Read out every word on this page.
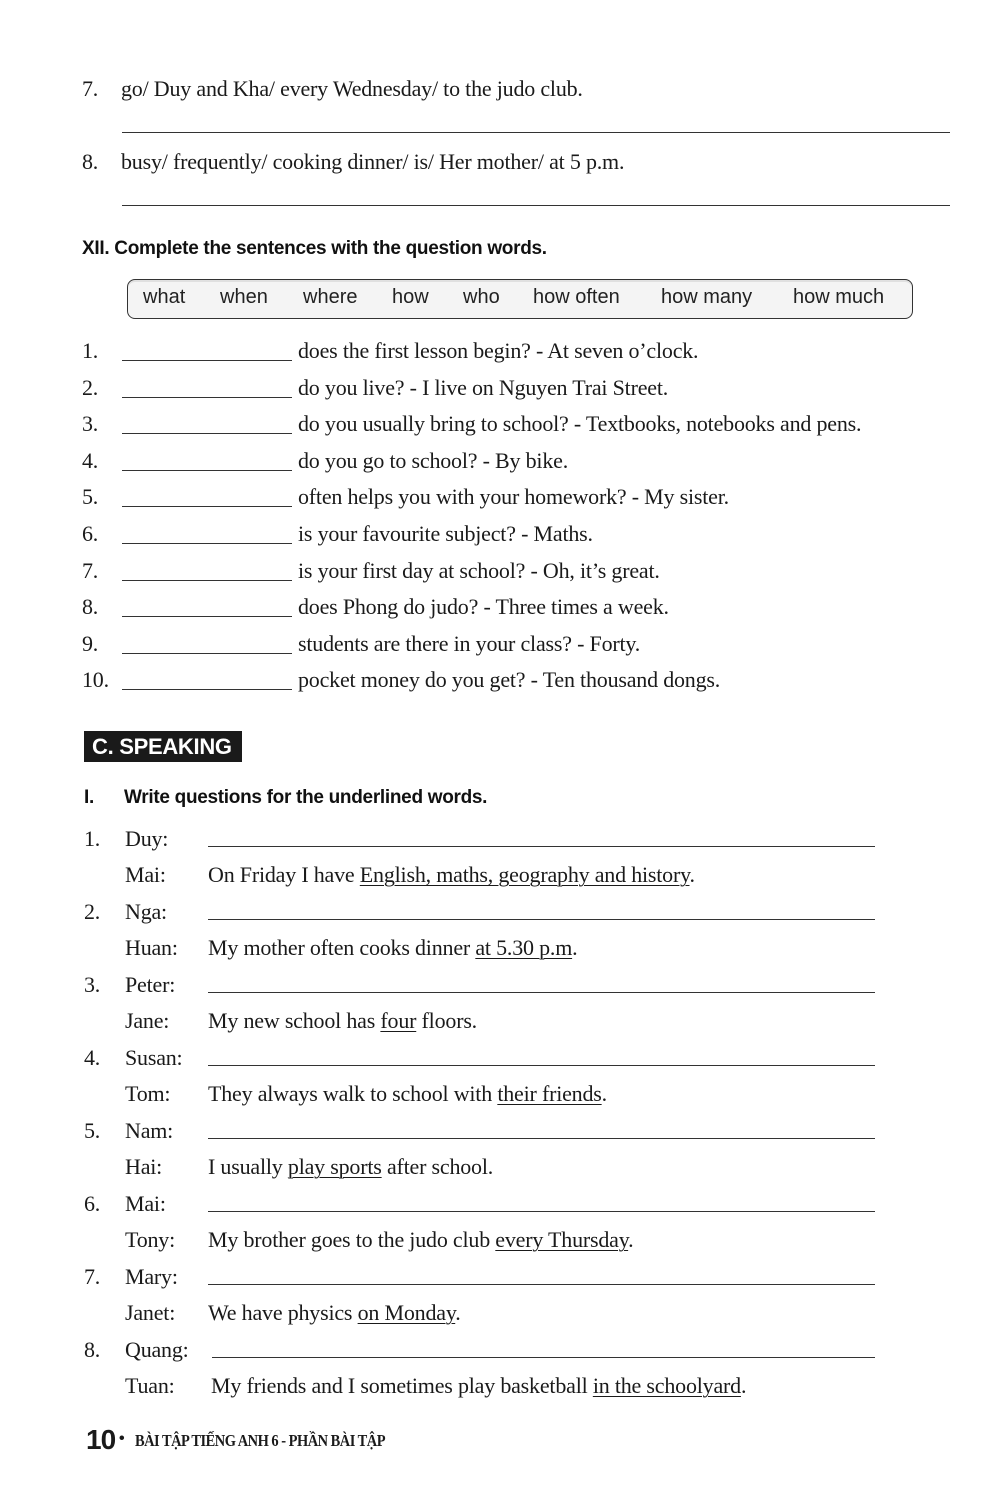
7. go/ Duy and Kha/ every Wednesday/ to the judo club.
8. busy/ frequently/ cooking dinner/ is/ Her mother/ at 5 p.m.
XII. Complete the sentences with the question words.
what when where how who how often how many how much
1.	does the first lesson begin? - At seven o’clock.
2.	do you live? - I live on Nguyen Trai Street.
3.	do you usually bring to school? - Textbooks, notebooks and pens.
4.	do you go to school? - By bike.
5.	often helps you with your homework? - My sister.
6.	is your favourite subject? - Maths.
7.	is your first day at school? - Oh, it’s great.
8.	does Phong do judo? - Three times a week.
9.	students are there in your class? - Forty.
10.	pocket money do you get? - Ten thousand dongs.
C. SPEAKING
I. Write questions for the underlined words.
1. Duy:
Mai: On Friday I have English, maths, geography and history.
2. Nga:
Huan: My mother often cooks dinner at 5.30 p.m.
3. Peter:
Jane: My new school has four floors.
4. Susan:
Tom: They always walk to school with their friends.
5. Nam:
Hai: I usually play sports after school.
6. Mai:
Tony: My brother goes to the judo club every Thursday.
7. Mary:
Janet: We have physics on Monday.
8. Quang:
Tuan: My friends and I sometimes play basketball in the schoolyard.
10 • BÀI TẬP TIẾNG ANH 6 - PHẦN BÀI TẬP
